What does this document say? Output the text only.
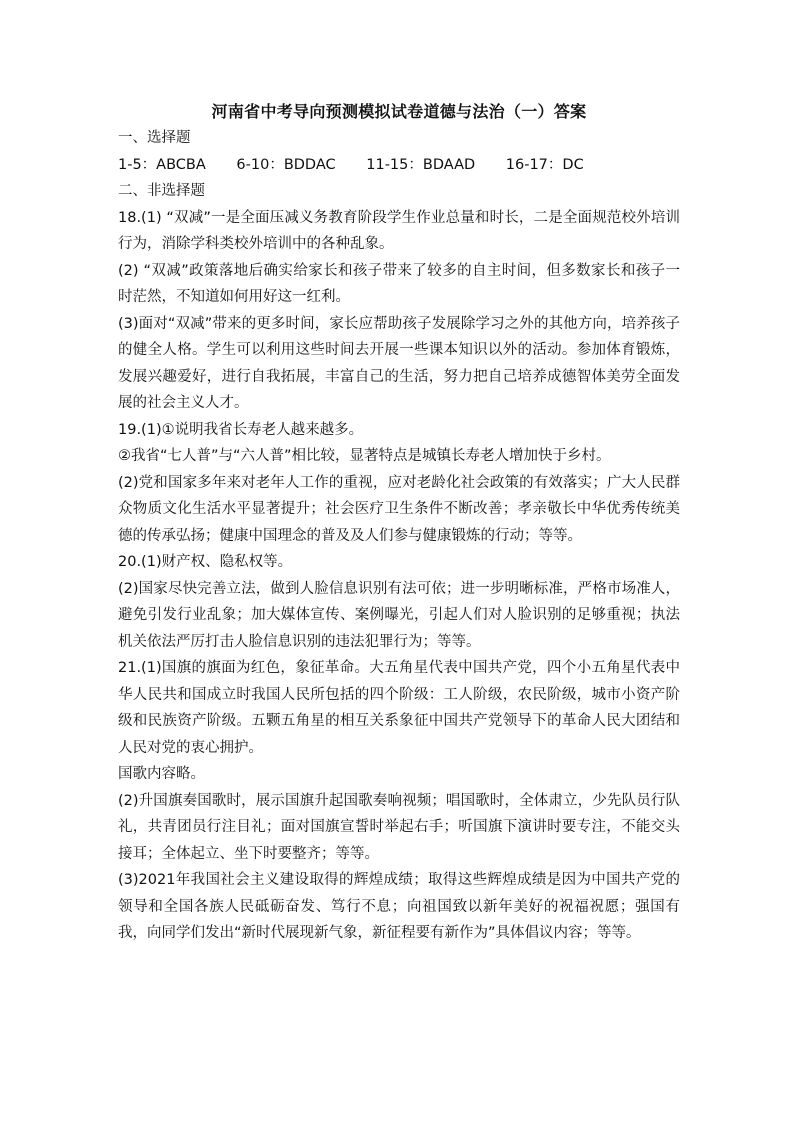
河南省中考导向预测模拟试卷道德与法治（一）答案

一、选择题

1-5：ABCBA 6-10：BDDAC 11-15：BDAAD 16-17：DC

二、非选择题

18.(1) “双减”一是全面压减义务教育阶段学生作业总量和时长，二是全面规范校外培训行为，消除学科类校外培训中的各种乱象。

(2) “双减”政策落地后确实给家长和孩子带来了较多的自主时间，但多数家长和孩子一时茫然，不知道如何用好这一红利。

(3)面对“双减”带来的更多时间，家长应帮助孩子发展除学习之外的其他方向，培养孩子的健全人格。学生可以利用这些时间去开展一些课本知识以外的活动。参加体育锻炼，发展兴趣爱好，进行自我拓展，丰富自己的生活，努力把自己培养成德智体美劳全面发展的社会主义人才。

19.(1)①说明我省长寿老人越来越多。

②我省“七人普”与“六人普”相比较，显著特点是城镇长寿老人增加快于乡村。

(2)党和国家多年来对老年人工作的重视，应对老龄化社会政策的有效落实；广大人民群众物质文化生活水平显著提升；社会医疗卫生条件不断改善；孝亲敬长中华优秀传统美德的传承弘扬；健康中国理念的普及及人们参与健康锻炼的行动；等等。

20.(1)财产权、隐私权等。

(2)国家尽快完善立法，做到人脸信息识别有法可依；进一步明晰标准，严格市场准人，避免引发行业乱象；加大媒体宣传、案例曝光，引起人们对人脸识别的足够重视；执法机关依法严厉打击人脸信息识别的违法犯罪行为；等等。

21.(1)国旗的旗面为红色，象征革命。大五角星代表中国共产党，四个小五角星代表中华人民共和国成立时我国人民所包括的四个阶级：工人阶级，农民阶级，城市小资产阶级和民族资产阶级。五颗五角星的相互关系象征中国共产党领导下的革命人民大团结和人民对党的衷心拥护。

国歌内容略。

(2)升国旗奏国歌时，展示国旗升起国歌奏响视频；唱国歌时，全体肃立，少先队员行队礼，共青团员行注目礼；面对国旗宣誓时举起右手；听国旗下演讲时要专注，不能交头接耳；全体起立、坐下时要整齐；等等。

(3)2021年我国社会主义建设取得的辉煌成绩；取得这些辉煌成绩是因为中国共产党的领导和全国各族人民砥砺奋发、笃行不息；向祖国致以新年美好的祝福祝愿；强国有我，向同学们发出“新时代展现新气象，新征程要有新作为”具体倡议内容；等等。
